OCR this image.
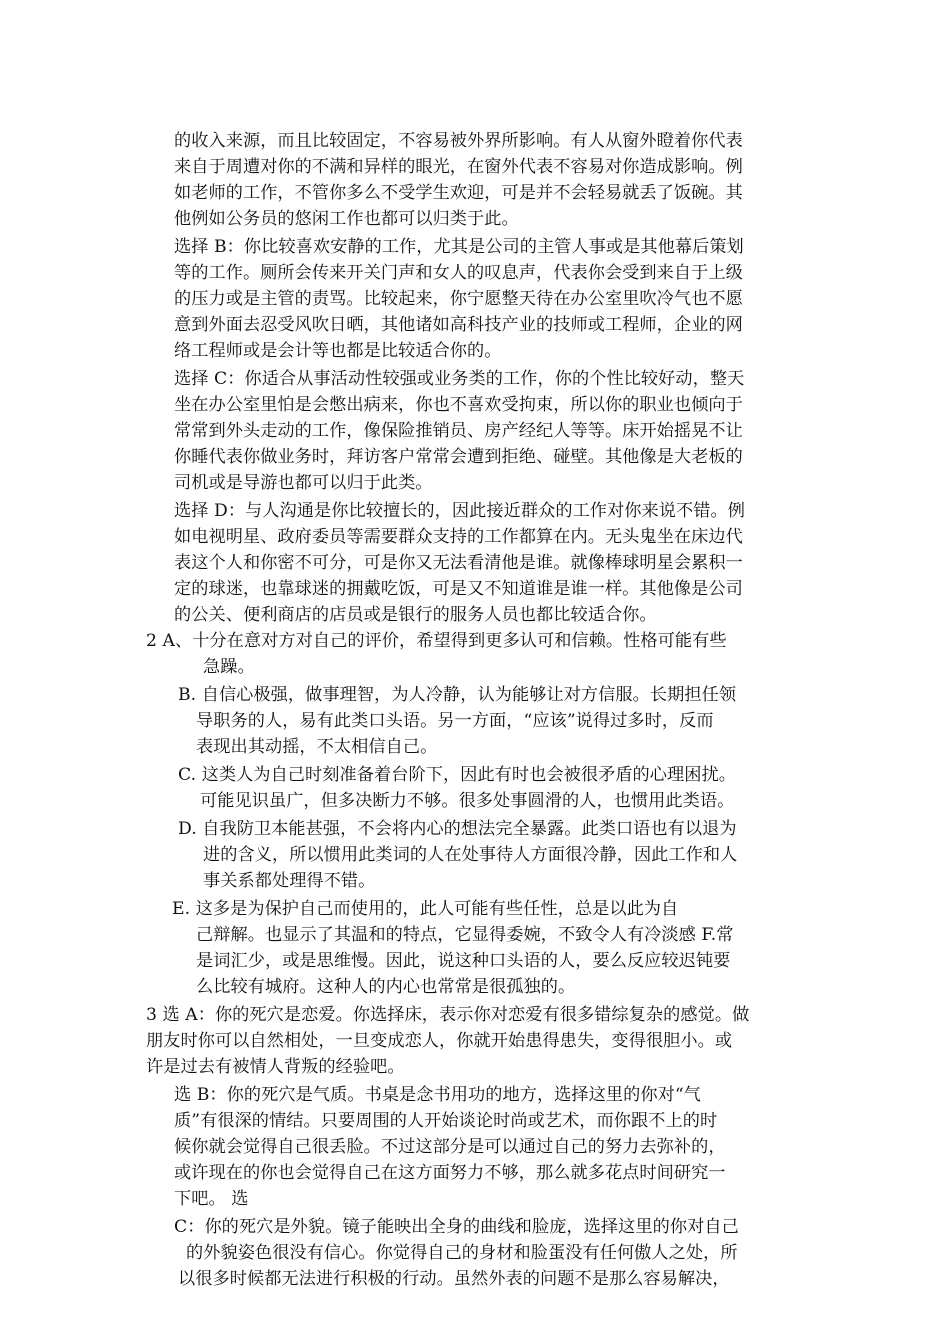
的收入来源，而且比较固定，不容易被外界所影响。有人从窗外瞪着你代表
来自于周遭对你的不满和异样的眼光，在窗外代表不容易对你造成影响。例
如老师的工作，不管你多么不受学生欢迎，可是并不会轻易就丢了饭碗。其
他例如公务员的悠闲工作也都可以归类于此。
选择 B：你比较喜欢安静的工作，尤其是公司的主管人事或是其他幕后策划
等的工作。厕所会传来开关门声和女人的叹息声，代表你会受到来自于上级
的压力或是主管的责骂。比较起来，你宁愿整天待在办公室里吹冷气也不愿
意到外面去忍受风吹日晒，其他诸如高科技产业的技师或工程师，企业的网
络工程师或是会计等也都是比较适合你的。
选择 C：你适合从事活动性较强或业务类的工作，你的个性比较好动，整天
坐在办公室里怕是会憋出病来，你也不喜欢受拘束，所以你的职业也倾向于
常常到外头走动的工作，像保险推销员、房产经纪人等等。床开始摇晃不让
你睡代表你做业务时，拜访客户常常会遭到拒绝、碰壁。其他像是大老板的
司机或是导游也都可以归于此类。
选择 D：与人沟通是你比较擅长的，因此接近群众的工作对你来说不错。例
如电视明星、政府委员等需要群众支持的工作都算在内。无头鬼坐在床边代
表这个人和你密不可分，可是你又无法看清他是谁。就像棒球明星会累积一
定的球迷，也靠球迷的拥戴吃饭，可是又不知道谁是谁一样。其他像是公司
的公关、便利商店的店员或是银行的服务人员也都比较适合你。
2 A、十分在意对方对自己的评价，希望得到更多认可和信赖。性格可能有些
急躁。
B. 自信心极强，做事理智，为人冷静，认为能够让对方信服。长期担任领
导职务的人，易有此类口头语。另一方面，“应该”说得过多时，反而
表现出其动摇，不太相信自己。
C. 这类人为自己时刻准备着台阶下，因此有时也会被很矛盾的心理困扰。
可能见识虽广，但多决断力不够。很多处事圆滑的人，也惯用此类语。
D. 自我防卫本能甚强，不会将内心的想法完全暴露。此类口语也有以退为
进的含义，所以惯用此类词的人在处事待人方面很冷静，因此工作和人
事关系都处理得不错。
E. 这多是为保护自己而使用的，此人可能有些任性，总是以此为自
己辩解。也显示了其温和的特点，它显得委婉，不致令人有冷淡感 F.常
是词汇少，或是思维慢。因此，说这种口头语的人，要么反应较迟钝要
么比较有城府。这种人的内心也常常是很孤独的。
3 选 A：你的死穴是恋爱。你选择床，表示你对恋爱有很多错综复杂的感觉。做
朋友时你可以自然相处，一旦变成恋人，你就开始患得患失，变得很胆小。或
许是过去有被情人背叛的经验吧。
选 B：你的死穴是气质。书桌是念书用功的地方，选择这里的你对“气
质”有很深的情结。只要周围的人开始谈论时尚或艺术，而你跟不上的时
候你就会觉得自己很丢脸。不过这部分是可以通过自己的努力去弥补的，
或许现在的你也会觉得自己在这方面努力不够，那么就多花点时间研究一
下吧。 选
C：你的死穴是外貌。镜子能映出全身的曲线和脸庞，选择这里的你对自己
的外貌姿色很没有信心。你觉得自己的身材和脸蛋没有任何傲人之处，所
以很多时候都无法进行积极的行动。虽然外表的问题不是那么容易解决，
